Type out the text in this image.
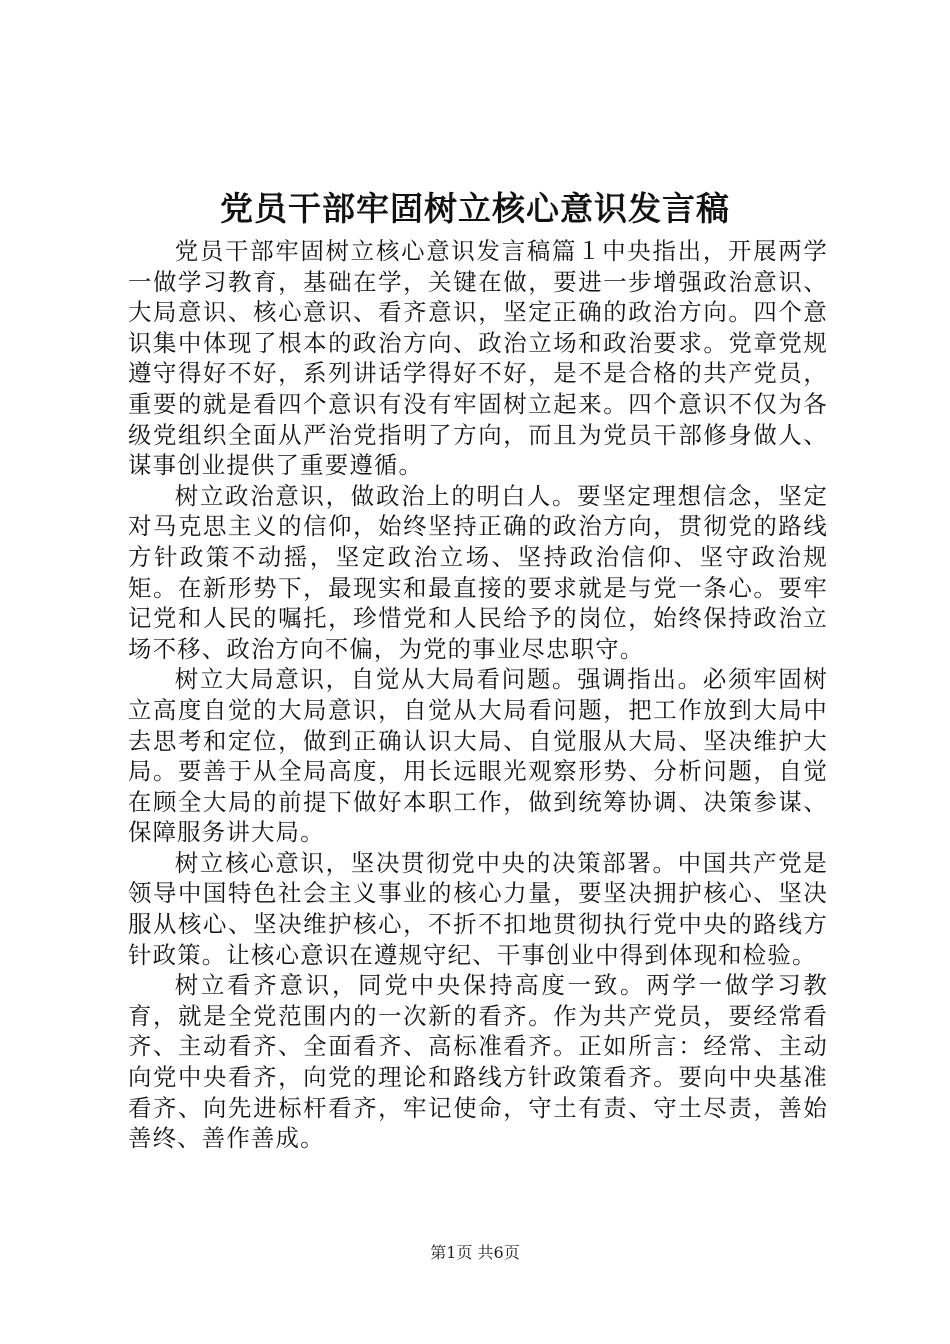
党员干部牢固树立核心意识发言稿

党员干部牢固树立核心意识发言稿篇１中央指出，开展两学一做学习教育，基础在学，关键在做，要进一步增强政治意识、大局意识、核心意识、看齐意识，坚定正确的政治方向。四个意识集中体现了根本的政治方向、政治立场和政治要求。党章党规遵守得好不好，系列讲话学得好不好，是不是合格的共产党员，重要的就是看四个意识有没有牢固树立起来。四个意识不仅为各级党组织全面从严治党指明了方向，而且为党员干部修身做人、谋事创业提供了重要遵循。

树立政治意识，做政治上的明白人。要坚定理想信念，坚定对马克思主义的信仰，始终坚持正确的政治方向，贯彻党的路线方针政策不动摇，坚定政治立场、坚持政治信仰、坚守政治规矩。在新形势下，最现实和最直接的要求就是与党一条心。要牢记党和人民的嘱托，珍惜党和人民给予的岗位，始终保持政治立场不移、政治方向不偏，为党的事业尽忠职守。

树立大局意识，自觉从大局看问题。强调指出。必须牢固树立高度自觉的大局意识，自觉从大局看问题，把工作放到大局中去思考和定位，做到正确认识大局、自觉服从大局、坚决维护大局。要善于从全局高度，用长远眼光观察形势、分析问题，自觉在顾全大局的前提下做好本职工作，做到统筹协调、决策参谋、保障服务讲大局。

树立核心意识，坚决贯彻党中央的决策部署。中国共产党是领导中国特色社会主义事业的核心力量，要坚决拥护核心、坚决服从核心、坚决维护核心，不折不扣地贯彻执行党中央的路线方针政策。让核心意识在遵规守纪、干事创业中得到体现和检验。

树立看齐意识，同党中央保持高度一致。两学一做学习教育，就是全党范围内的一次新的看齐。作为共产党员，要经常看齐、主动看齐、全面看齐、高标准看齐。正如所言：经常、主动向党中央看齐，向党的理论和路线方针政策看齐。要向中央基准看齐、向先进标杆看齐，牢记使命，守土有责、守土尽责，善始善终、善作善成。

第1页 共6页
